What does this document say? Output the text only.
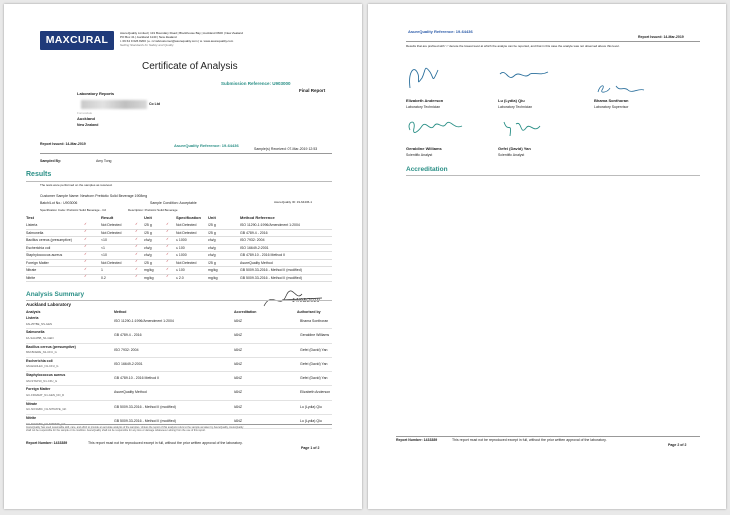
MAXCURAL
AsureQuality Limited | 131 Boundary Road | Blockhouse Bay | Auckland 0600 | New Zealand
PO Box 41 | Auckland 1140 | New Zealand
t. 09 64 9 626 8200 | e. nz.labcustomer@asurequality.com | w. www.asurequality.com
Setting Standards for Safety and Quality
Certificate of Analysis
Submission Reference: U903000
Final Report
Laboratory Reports
Co Ltd
Forrestdale
Auckland
New Zealand
Report Issued: 14-Mar-2019	AsureQuality Reference: 19-64436
Sample(s) Received: 07-Mar-2019 12:53
Sampled By:	Amy Tong
Results
The tests were performed on the samples as received.
Customer Sample Name: Newborn Prebiotic Solid Beverage 1908mg
Batch/Lot No.: U903006	Sample Condition: Acceptable	AsureQuality ID: 19-64436-1
Specification Code: Prebiotic Solid Beverage - C2	Description: Prebiotic Solid Beverage
Test	Result	Unit	Specification Unit	Method Reference
Listeria	Not Detected	/25 g	Not Detected	/25 g	ISO 11290-1:1996/Amendment 1:2004
✓	✓	✓
Salmonella	Not Detected	/25 g	Not Detected	/25 g	GB 4789.4 - 2016
✓	✓	✓
Bacillus cereus (presumptive)	<10	cfu/g	≤ 1000	cfu/g	ISO 7932: 2004
✓	✓	✓
Escherichia coli	<1	cfu/g	≤ 100	cfu/g	ISO 16649-2:2001
✓	✓	✓
Staphylococcus aureus	<10	cfu/g	≤ 1000	cfu/g	GB 4789.10 - 2016 Method II
✓	✓	✓
Foreign Matter	Not Detected	/25 g	Not Detected	/25 g	AsureQuality Method
✓	✓	✓
Nitrate	1	mg/kg	≤ 100	mg/kg	GB 5009.33-2016 - Method II (modified)
✓	✓	✓
Nitrite	0.2	mg/kg	≤ 2.0	mg/kg	GB 5009.33-2016 - Method II (modified)
✓	✓	✓
14/03/2019
Analysis Summary
Auckland Laboratory
Analysis	Method	Accreditation	Authorised by
Listeria
FAL25TBE_NS-GEN
ISO 11290-1:1996/Amendment 1:2004	IANZ	Bhama Sonthoran
Salmonella
FA-SALM5B_N1-GEN
GB 4789.4 - 2016	IANZ	Geraldine Williams
Bacillus cereus (presumptive)
MM-BCERE_N1-CFU_G
ISO 7932: 2004	IANZ	Gefei (David) Yan
Escherichia coli
GM-EGDLEC_N1-CFU_G
ISO 16649-2:2001	IANZ	Gefei (David) Yan
Staphylococcus aureus
GM-STAP10_N1-CFU_G
GB 4789.10 - 2016 Method II	IANZ	Gefei (David) Yan
Foreign Matter
GC-FRGMAT_N1-GEN_NO_D
AsureQuality Method	IANZ	Elizabeth Anderson
Nitrate
GC-NO3GBC_N1-NITRATE_GK
GB 5009.33-2016 - Method II (modified)	IANZ	Lu (Lydia) Qiu
Nitrite
GC-NO3GBC_N1-NITRITE_GK
GB 5009.33-2016 - Method II (modified)	IANZ	Lu (Lydia) Qiu
AsureQuality has used reasonable skill, care, and effort to provide an accurate analysis of the samples. Unless the report of this analysis refers to the sample as taken by AsureQuality, AsureQuality
shall not be responsible for the sample or its condition. AsureQuality shall not be responsible for any loss or damage whatsoever arising from the use of this report.
Report Number: 1433389	This report must not be reproduced except in full, without the prior written approval of the laboratory.
Page 1 of 2
AsureQuality Reference: 19-64436
Report Issued: 14-Mar-2019
Results that are prefixed with '<' denote the lowest level at which the analyte can be reported, and that in this case the analyte was not observed above this level.
Elizabeth Anderson
Laboratory Technician
Lu (Lydia) Qiu
Laboratory Technician
Bhama Sonthoran
Laboratory Supervisor
Geraldine Williams
Scientific Analyst
Gefei (David) Yan
Scientific Analyst
Accreditation
Report Number: 1433389	This report must not be reproduced except in full, without the prior written approval of the laboratory.
Page 2 of 2
